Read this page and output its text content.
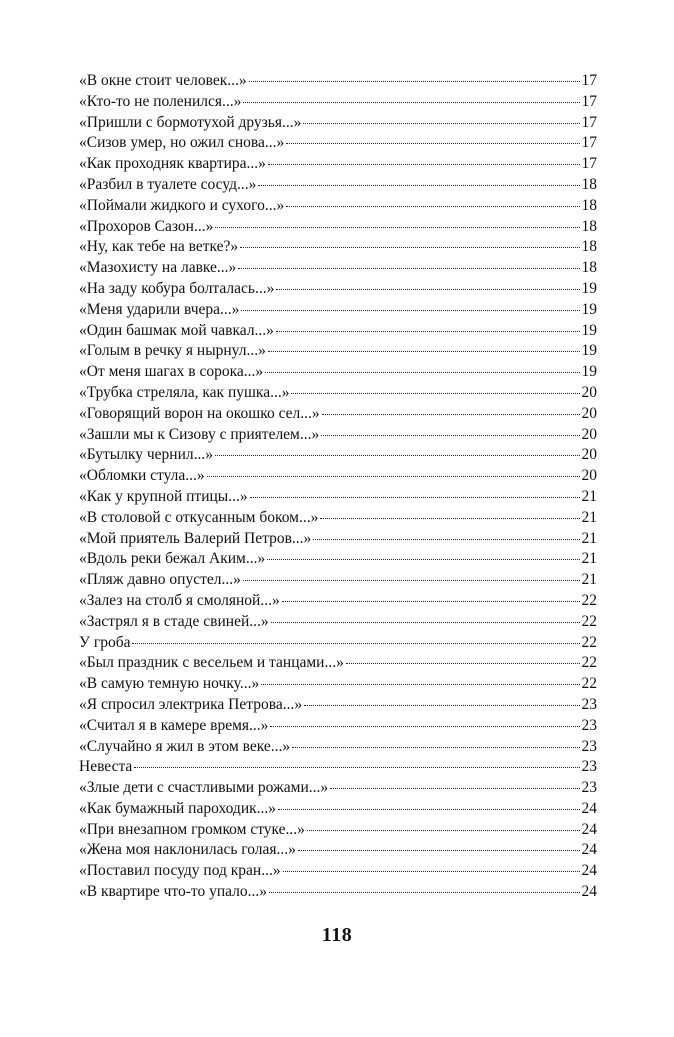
«В окне стоит человек...»	17
«Кто-то не поленился...»	17
«Пришли с бормотухой друзья...»	17
«Сизов умер, но ожил снова...»	17
«Как проходняк квартира...»	17
«Разбил в туалете сосуд...»	18
«Поймали жидкого и сухого...»	18
«Прохоров Сазон...»	18
«Ну, как тебе на ветке?»	18
«Мазохисту на лавке...»	18
«На заду кобура болталась...»	19
«Меня ударили вчера...»	19
«Один башмак мой чавкал...»	19
«Голым в речку я нырнул...»	19
«От меня шагах в сорока...»	19
«Трубка стреляла, как пушка...»	20
«Говорящий ворон на окошко сел...»	20
«Зашли мы к Сизову с приятелем...»	20
«Бутылку чернил...»	20
«Обломки стула...»	20
«Как у крупной птицы...»	21
«В столовой с откусанным боком...»	21
«Мой приятель Валерий Петров...»	21
«Вдоль реки бежал Аким...»	21
«Пляж давно опустел...»	21
«Залез на столб я смоляной...»	22
«Застрял я в стаде свиней...»	22
У гроба	22
«Был праздник с весельем и танцами...»	22
«В самую темную ночку...»	22
«Я спросил электрика Петрова...»	23
«Считал я в камере время...»	23
«Случайно я жил в этом веке...»	23
Невеста	23
«Злые дети с счастливыми рожами...»	23
«Как бумажный пароходик...»	24
«При внезапном громком стуке...»	24
«Жена моя наклонилась голая...»	24
«Поставил посуду под кран...»	24
«В квартире что-то упало...»	24
118
